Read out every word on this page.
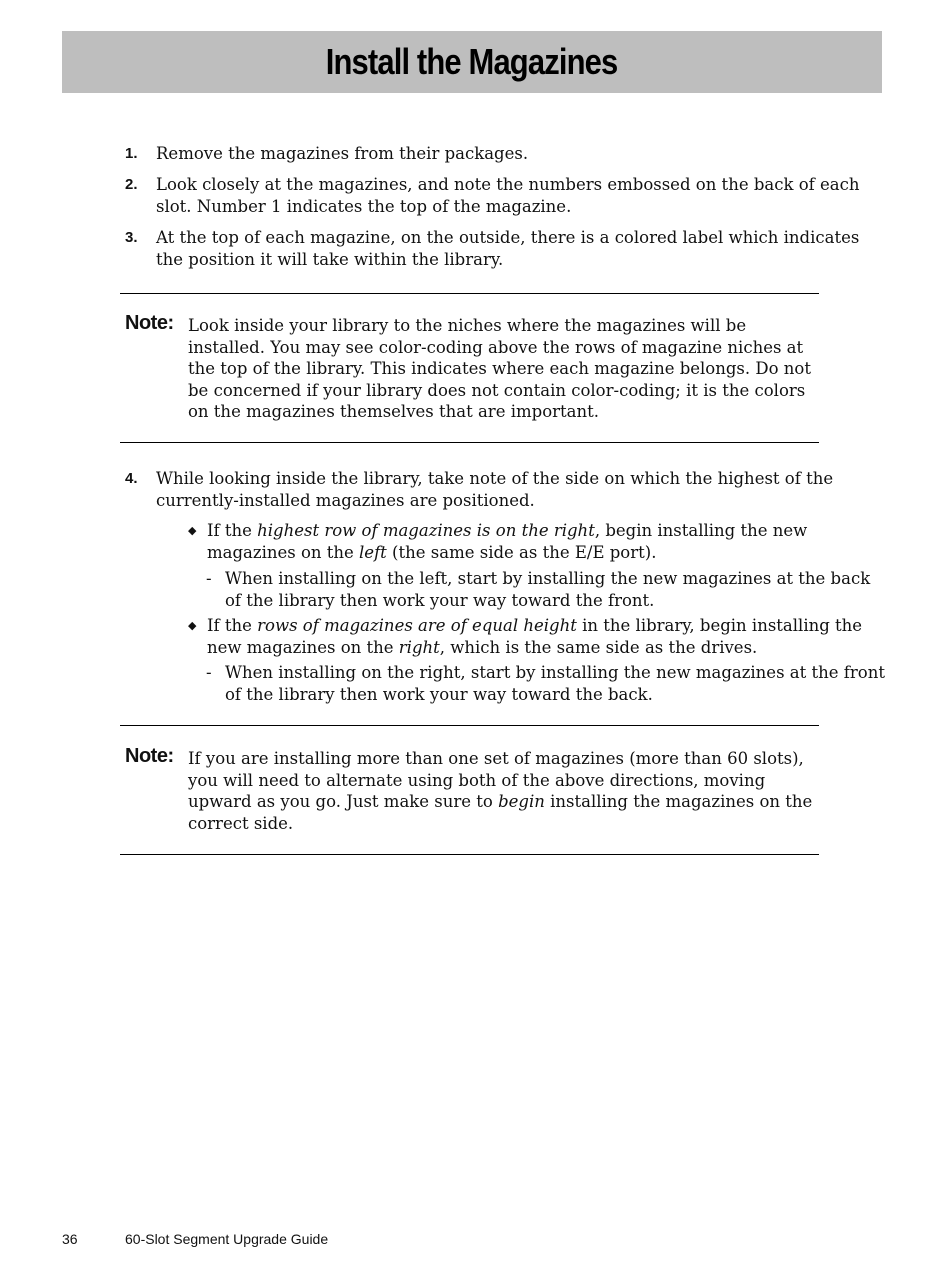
Install the Magazines
1. Remove the magazines from their packages.
2. Look closely at the magazines, and note the numbers embossed on the back of each slot. Number 1 indicates the top of the magazine.
3. At the top of each magazine, on the outside, there is a colored label which indicates the position it will take within the library.
Note: Look inside your library to the niches where the magazines will be installed. You may see color-coding above the rows of magazine niches at the top of the library. This indicates where each magazine belongs. Do not be concerned if your library does not contain color-coding; it is the colors on the magazines themselves that are important.
4. While looking inside the library, take note of the side on which the highest of the currently-installed magazines are positioned.
◆ If the highest row of magazines is on the right, begin installing the new magazines on the left (the same side as the E/E port).
- When installing on the left, start by installing the new magazines at the back of the library then work your way toward the front.
◆ If the rows of magazines are of equal height in the library, begin installing the new magazines on the right, which is the same side as the drives.
- When installing on the right, start by installing the new magazines at the front of the library then work your way toward the back.
Note: If you are installing more than one set of magazines (more than 60 slots), you will need to alternate using both of the above directions, moving upward as you go. Just make sure to begin installing the magazines on the correct side.
36	60-Slot Segment Upgrade Guide
